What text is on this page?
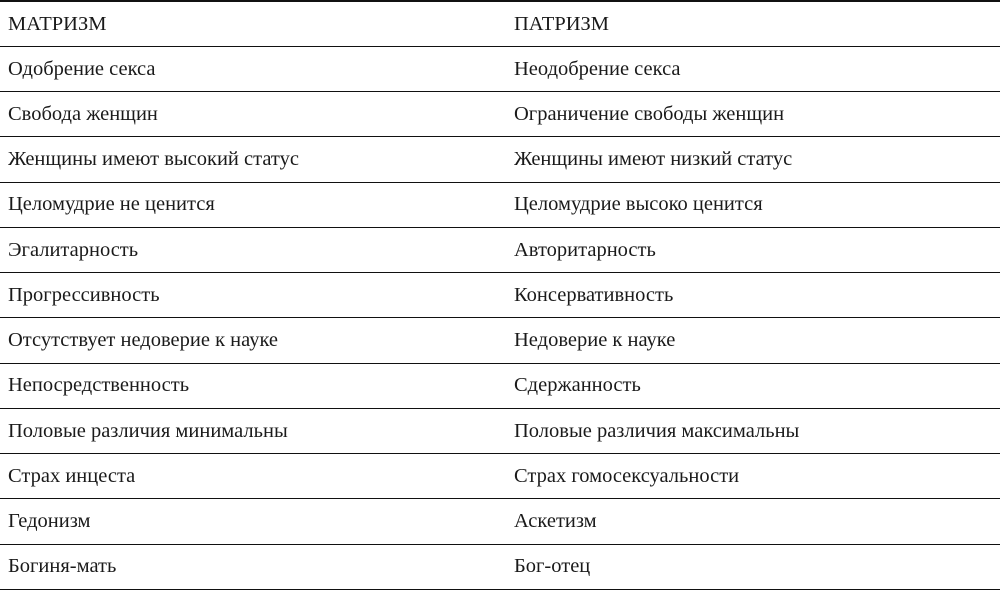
МАТРИЗМ	ПАТРИЗМ
Одобрение секса	Неодобрение секса
Свобода женщин	Ограничение свободы женщин
Женщины имеют высокий статус	Женщины имеют низкий статус
Целомудрие не ценится	Целомудрие высоко ценится
Эгалитарность	Авторитарность
Прогрессивность	Консервативность
Отсутствует недоверие к науке	Недоверие к науке
Непосредственность	Сдержанность
Половые различия минимальны	Половые различия максимальны
Страх инцеста	Страх гомосексуальности
Гедонизм	Аскетизм
Богиня-мать	Бог-отец
